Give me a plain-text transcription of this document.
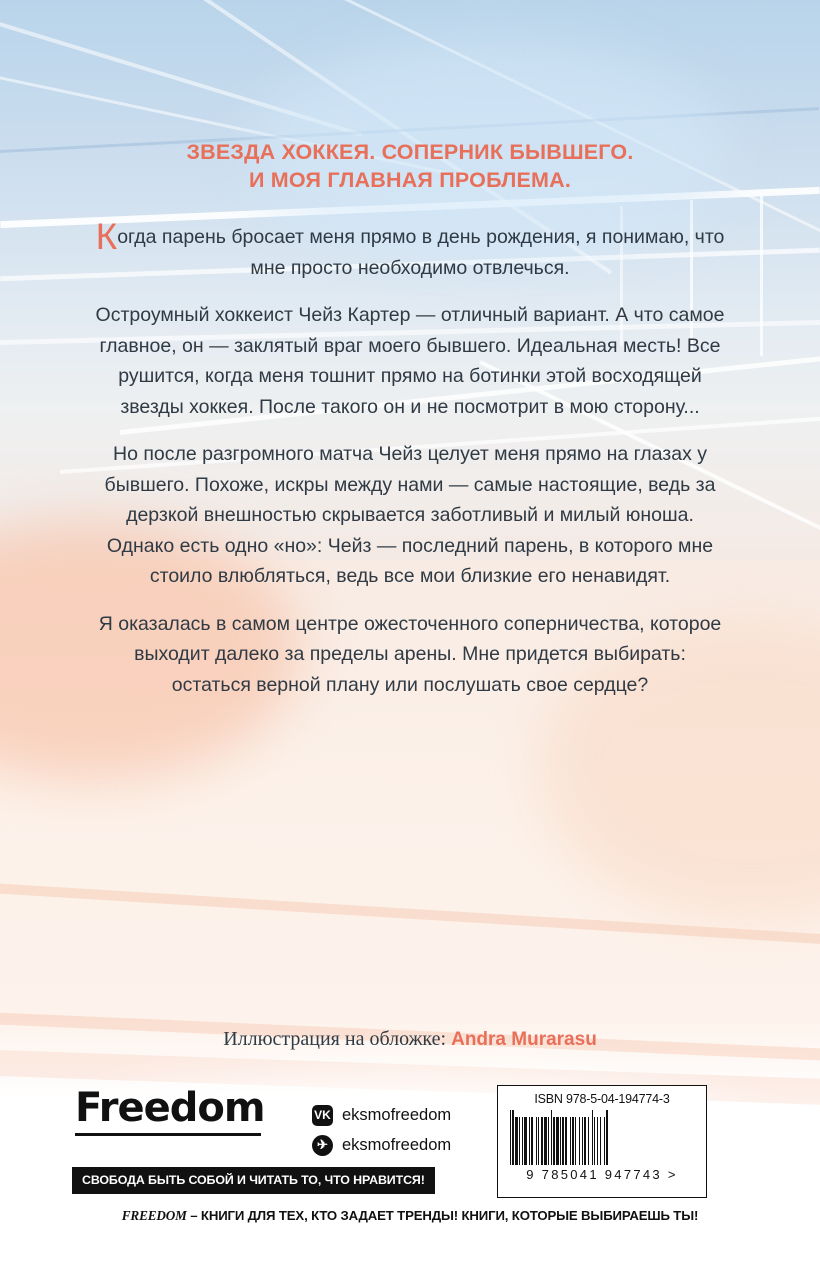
ЗВЕЗДА ХОККЕЯ. СОПЕРНИК БЫВШЕГО.
И МОЯ ГЛАВНАЯ ПРОБЛЕМА.

Когда парень бросает меня прямо в день рождения, я понимаю, что мне просто необходимо отвлечься.

Остроумный хоккеист Чейз Картер — отличный вариант. А что самое главное, он — заклятый враг моего бывшего. Идеальная месть! Все рушится, когда меня тошнит прямо на ботинки этой восходящей звезды хоккея. После такого он и не посмотрит в мою сторону...

Но после разгромного матча Чейз целует меня прямо на глазах у бывшего. Похоже, искры между нами — самые настоящие, ведь за дерзкой внешностью скрывается заботливый и милый юноша. Однако есть одно «но»: Чейз — последний парень, в которого мне стоило влюбляться, ведь все мои близкие его ненавидят.

Я оказалась в самом центре ожесточенного соперничества, которое выходит далеко за пределы арены. Мне придется выбирать: остаться верной плану или послушать свое сердце?

Иллюстрация на обложке: Andra Murarasu
Freedom
СВОБОДА БЫТЬ СОБОЙ И ЧИТАТЬ ТО, ЧТО НРАВИТСЯ!
VK eksmofreedom
✈ eksmofreedom
ISBN 978-5-04-194774-3
9 785041 947743 >
FREEDOM – КНИГИ ДЛЯ ТЕХ, КТО ЗАДАЕТ ТРЕНДЫ! КНИГИ, КОТОРЫЕ ВЫБИРАЕШЬ ТЫ!
